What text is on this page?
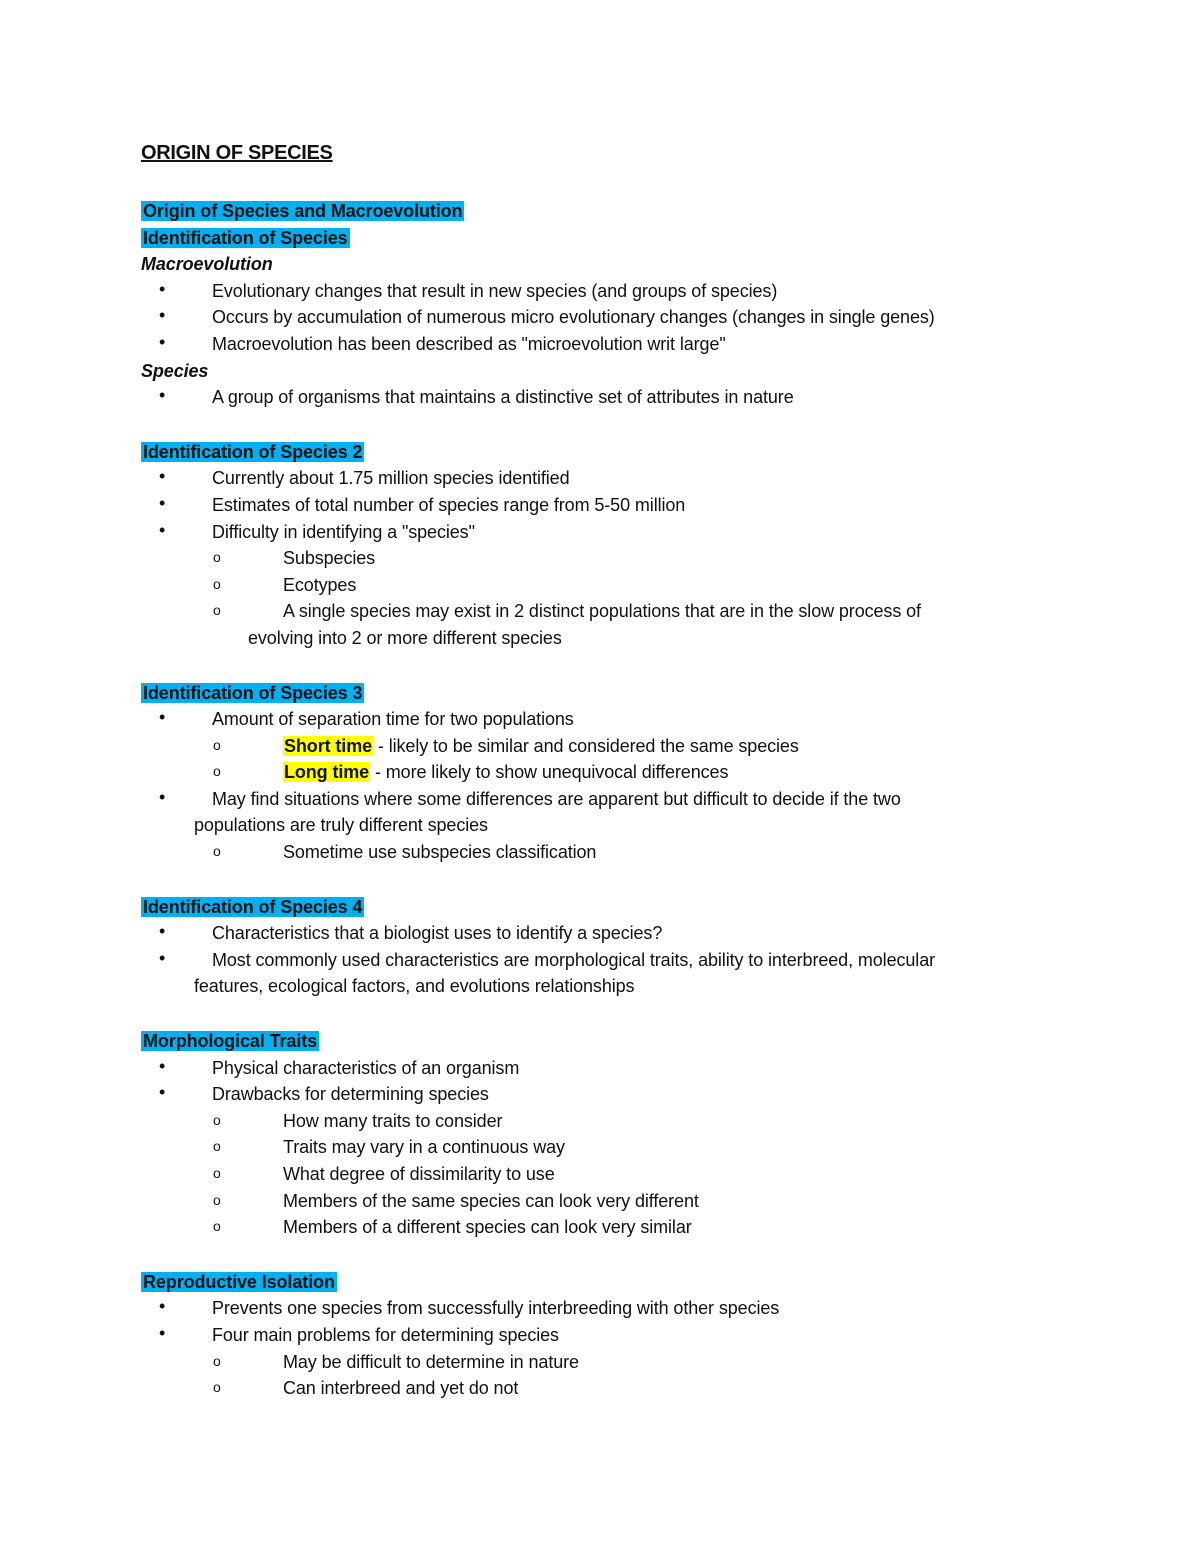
ORIGIN OF SPECIES
Origin of Species and Macroevolution
Identification of Species
Macroevolution
•	Evolutionary changes that result in new species (and groups of species)
•	Occurs by accumulation of numerous micro evolutionary changes (changes in single genes)
•	Macroevolution has been described as "microevolution writ large"
Species
•	A group of organisms that maintains a distinctive set of attributes in nature
Identification of Species 2
•	Currently about 1.75 million species identified
•	Estimates of total number of species range from 5-50 million
•	Difficulty in identifying a "species"
o	Subspecies
o	Ecotypes
o	A single species may exist in 2 distinct populations that are in the slow process of
evolving into 2 or more different species
Identification of Species 3
•	Amount of separation time for two populations
o	Short time - likely to be similar and considered the same species
o	Long time - more likely to show unequivocal differences
•	May find situations where some differences are apparent but difficult to decide if the two
populations are truly different species
o	Sometime use subspecies classification
Identification of Species 4
•	Characteristics that a biologist uses to identify a species?
•	Most commonly used characteristics are morphological traits, ability to interbreed, molecular
features, ecological factors, and evolutions relationships
Morphological Traits
•	Physical characteristics of an organism
•	Drawbacks for determining species
o	How many traits to consider
o	Traits may vary in a continuous way
o	What degree of dissimilarity to use
o	Members of the same species can look very different
o	Members of a different species can look very similar
Reproductive Isolation
•	Prevents one species from successfully interbreeding with other species
•	Four main problems for determining species
o	May be difficult to determine in nature
o	Can interbreed and yet do not
